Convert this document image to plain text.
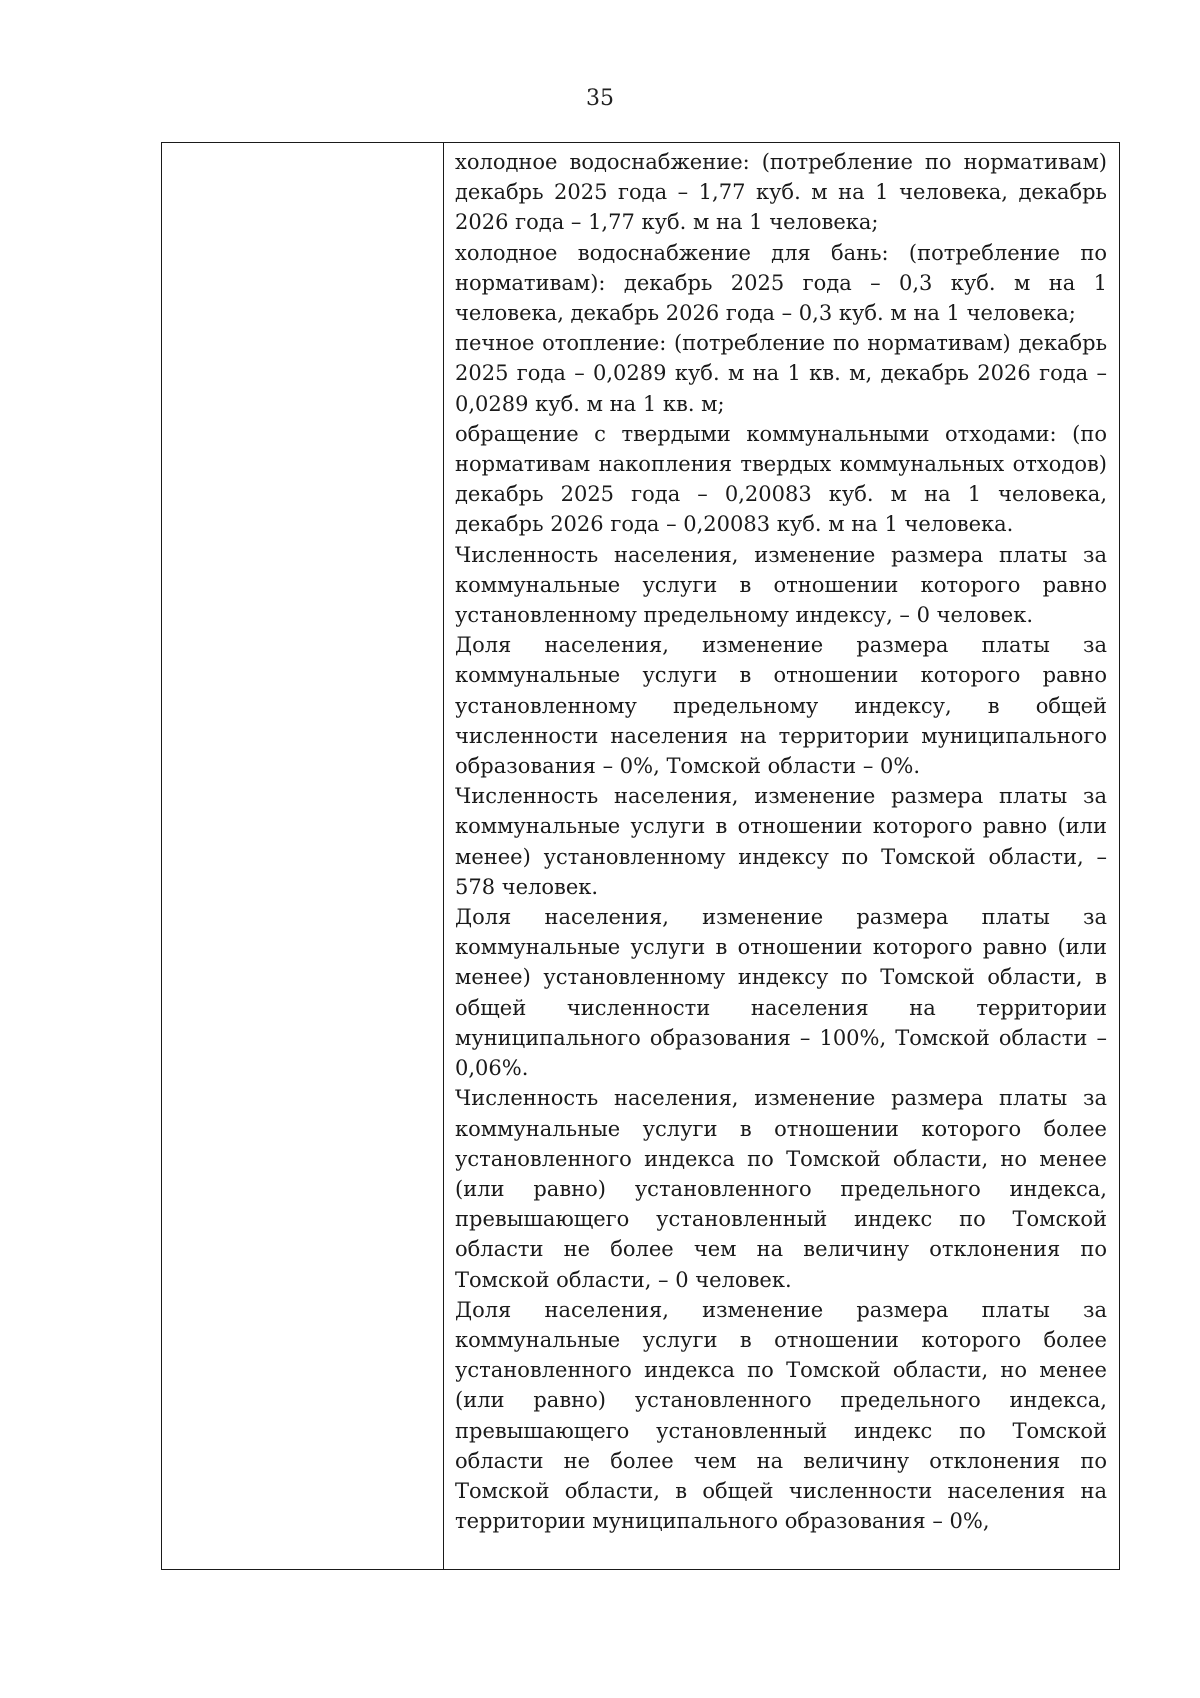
35

холодное водоснабжение: (потребление по нормативам) декабрь 2025 года – 1,77 куб. м на 1 человека, декабрь 2026 года – 1,77 куб. м на 1 человека;

холодное водоснабжение для бань: (потребление по нормативам): декабрь 2025 года – 0,3 куб. м на 1 человека, декабрь 2026 года – 0,3 куб. м на 1 человека;

печное отопление: (потребление по нормативам) декабрь 2025 года – 0,0289 куб. м на 1 кв. м, декабрь 2026 года – 0,0289 куб. м на 1 кв. м;

обращение с твердыми коммунальными отходами: (по нормативам накопления твердых коммунальных отходов) декабрь 2025 года – 0,20083 куб. м на 1 человека, декабрь 2026 года – 0,20083 куб. м на 1 человека.

Численность населения, изменение размера платы за коммунальные услуги в отношении которого равно установленному предельному индексу, – 0 человек.

Доля населения, изменение размера платы за коммунальные услуги в отношении которого равно установленному предельному индексу, в общей численности населения на территории муниципального образования – 0%, Томской области – 0%.

Численность населения, изменение размера платы за коммунальные услуги в отношении которого равно (или менее) установленному индексу по Томской области, – 578 человек.

Доля населения, изменение размера платы за коммунальные услуги в отношении которого равно (или менее) установленному индексу по Томской области, в общей численности населения на территории муниципального образования – 100%, Томской области – 0,06%.

Численность населения, изменение размера платы за коммунальные услуги в отношении которого более установленного индекса по Томской области, но менее (или равно) установленного предельного индекса, превышающего установленный индекс по Томской области не более чем на величину отклонения по Томской области, – 0 человек.

Доля населения, изменение размера платы за коммунальные услуги в отношении которого более установленного индекса по Томской области, но менее (или равно) установленного предельного индекса, превышающего установленный индекс по Томской области не более чем на величину отклонения по Томской области, в общей численности населения на территории муниципального образования – 0%,
